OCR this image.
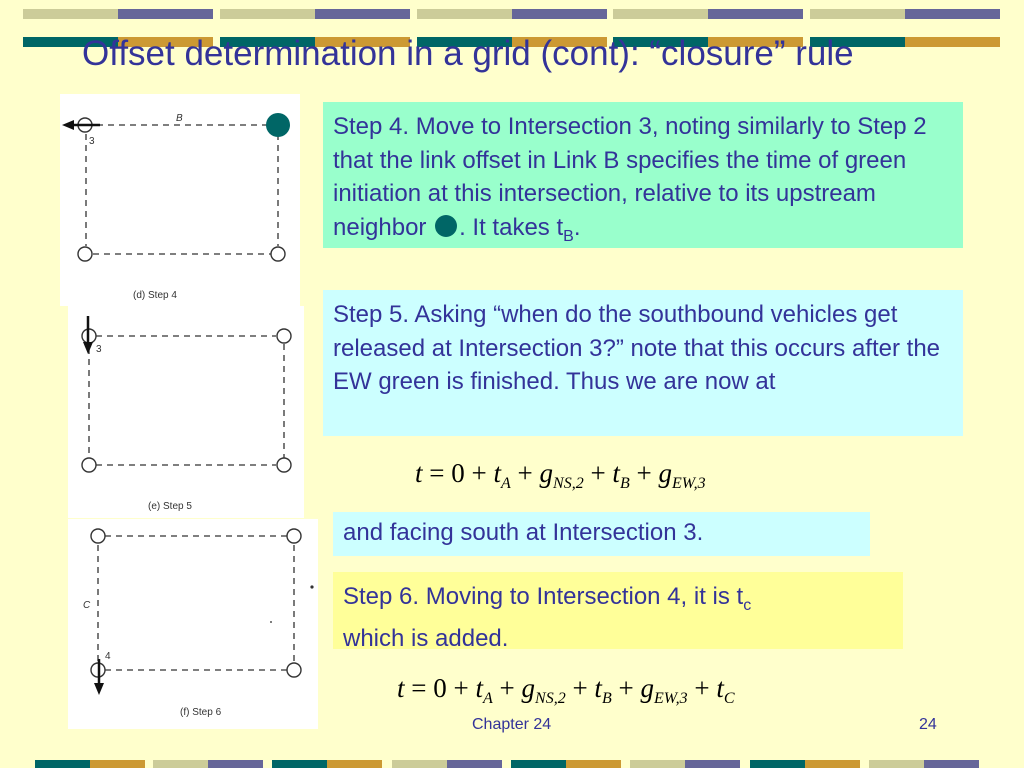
Offset determination in a grid (cont): “closure” rule
B
3
(d) Step 4
3
(e) Step 5
C
4
(f) Step 6
Step 4. Move to Intersection 3, noting similarly to Step 2 that the link offset in Link B specifies the time of green initiation at this intersection, relative to its upstream neighbor . It takes $t_B$.
Step 5. Asking “when do the southbound vehicles get released at Intersection 3?” note that this occurs after the EW green is finished. Thus we are now at
$t = 0 + t_A + g_{NS,2} + t_B + g_{EW,3}$
and facing south at Intersection 3.
Step 6. Moving to Intersection 4, it is $t_c$
which is added.
$t = 0 + t_A + g_{NS,2} + t_B + g_{EW,3} + t_C$
Chapter 24	24
